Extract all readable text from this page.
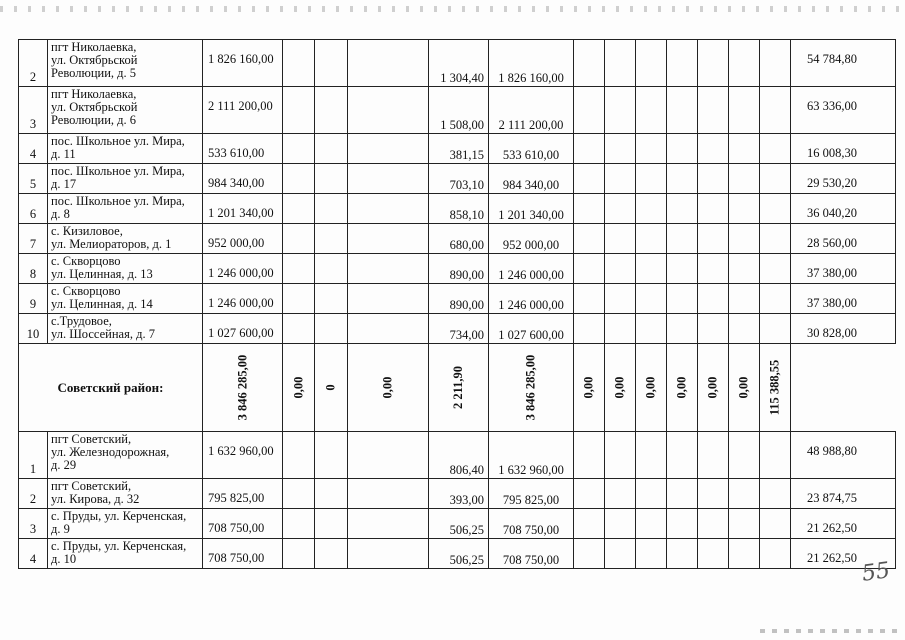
2	пгт Николаевка,
ул. Октябрьской
Революции, д. 5	1 826 160,00				1 304,40	1 826 160,00								54 784,80
3	пгт Николаевка,
ул. Октябрьской
Революции, д. 6	2 111 200,00				1 508,00	2 111 200,00								63 336,00
4	пос. Школьное ул. Мира,
д. 11	533 610,00				381,15	533 610,00								16 008,30
5	пос. Школьное ул. Мира,
д. 17	984 340,00				703,10	984 340,00								29 530,20
6	пос. Школьное ул. Мира,
д. 8	1 201 340,00				858,10	1 201 340,00								36 040,20
7	с. Кизиловое,
ул. Мелиораторов, д. 1	952 000,00				680,00	952 000,00								28 560,00
8	с. Скворцово
ул. Целинная, д. 13	1 246 000,00				890,00	1 246 000,00								37 380,00
9	с. Скворцово
ул. Целинная, д. 14	1 246 000,00				890,00	1 246 000,00								37 380,00
10	с.Трудовое,
ул. Шоссейная, д. 7	1 027 600,00				734,00	1 027 600,00								30 828,00
Советский район:		3 846 285,00	0,00	0	0,00	2 211,90	3 846 285,00	0,00	0,00	0,00	0,00	0,00	0,00	115 388,55	

1	пгт Советский,
ул. Железнодорожная,
д. 29	1 632 960,00				806,40	1 632 960,00								48 988,80
2	пгт Советский,
ул. Кирова, д. 32	795 825,00				393,00	795 825,00								23 874,75
3	с. Пруды, ул. Керченская,
д. 9	708 750,00				506,25	708 750,00								21 262,50
4	с. Пруды, ул. Керченская,
д. 10	708 750,00				506,25	708 750,00								21 262,50
55
